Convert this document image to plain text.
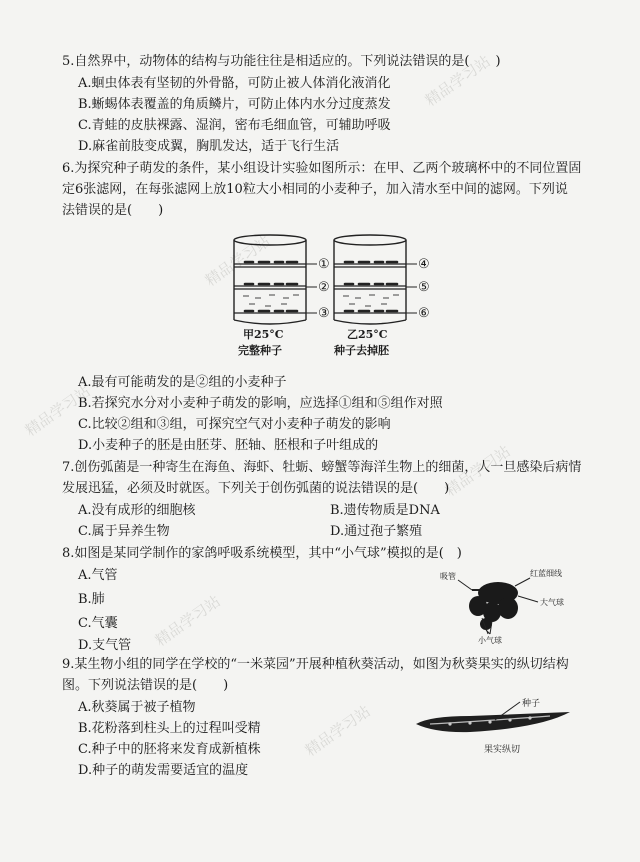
精品学习站
精品学习站
精品学习站
精品学习站
精品学习站
精品学习站
5.自然界中，动物体的结构与功能往往是相适应的。下列说法错误的是(　　)
A.蛔虫体表有坚韧的外骨骼，可防止被人体消化液消化
B.蜥蜴体表覆盖的角质鳞片，可防止体内水分过度蒸发
C.青蛙的皮肤裸露、湿润，密布毛细血管，可辅助呼吸
D.麻雀前肢变成翼，胸肌发达，适于飞行生活
6.为探究种子萌发的条件，某小组设计实验如图所示：在甲、乙两个玻璃杯中的不同位置固
定6张滤网，在每张滤网上放10粒大小相同的小麦种子，加入清水至中间的滤网。下列说
法错误的是(　　)
①
②
③
④
⑤
⑥
甲25°C
完整种子
乙25°C
种子去掉胚
A.最有可能萌发的是②组的小麦种子
B.若探究水分对小麦种子萌发的影响，应选择①组和⑤组作对照
C.比较②组和③组，可探究空气对小麦种子萌发的影响
D.小麦种子的胚是由胚芽、胚轴、胚根和子叶组成的
7.创伤弧菌是一种寄生在海鱼、海虾、牡蛎、螃蟹等海洋生物上的细菌，人一旦感染后病情
发展迅猛，必须及时就医。下列关于创伤弧菌的说法错误的是(　　)
A.没有成形的细胞核	B.遗传物质是DNA
C.属于异养生物	D.通过孢子繁殖
8.如图是某同学制作的家鸽呼吸系统模型，其中“小气球”模拟的是(　)
A.气管
B.肺
C.气囊
D.支气管
吸管	红蓝细线
大气球
小气球
9.某生物小组的同学在学校的“一米菜园”开展种植秋葵活动，如图为秋葵果实的纵切结构
图。下列说法错误的是(　　)
A.秋葵属于被子植物
B.花粉落到柱头上的过程叫受精
C.种子中的胚将来发育成新植株
D.种子的萌发需要适宜的温度
种子
果实纵切
